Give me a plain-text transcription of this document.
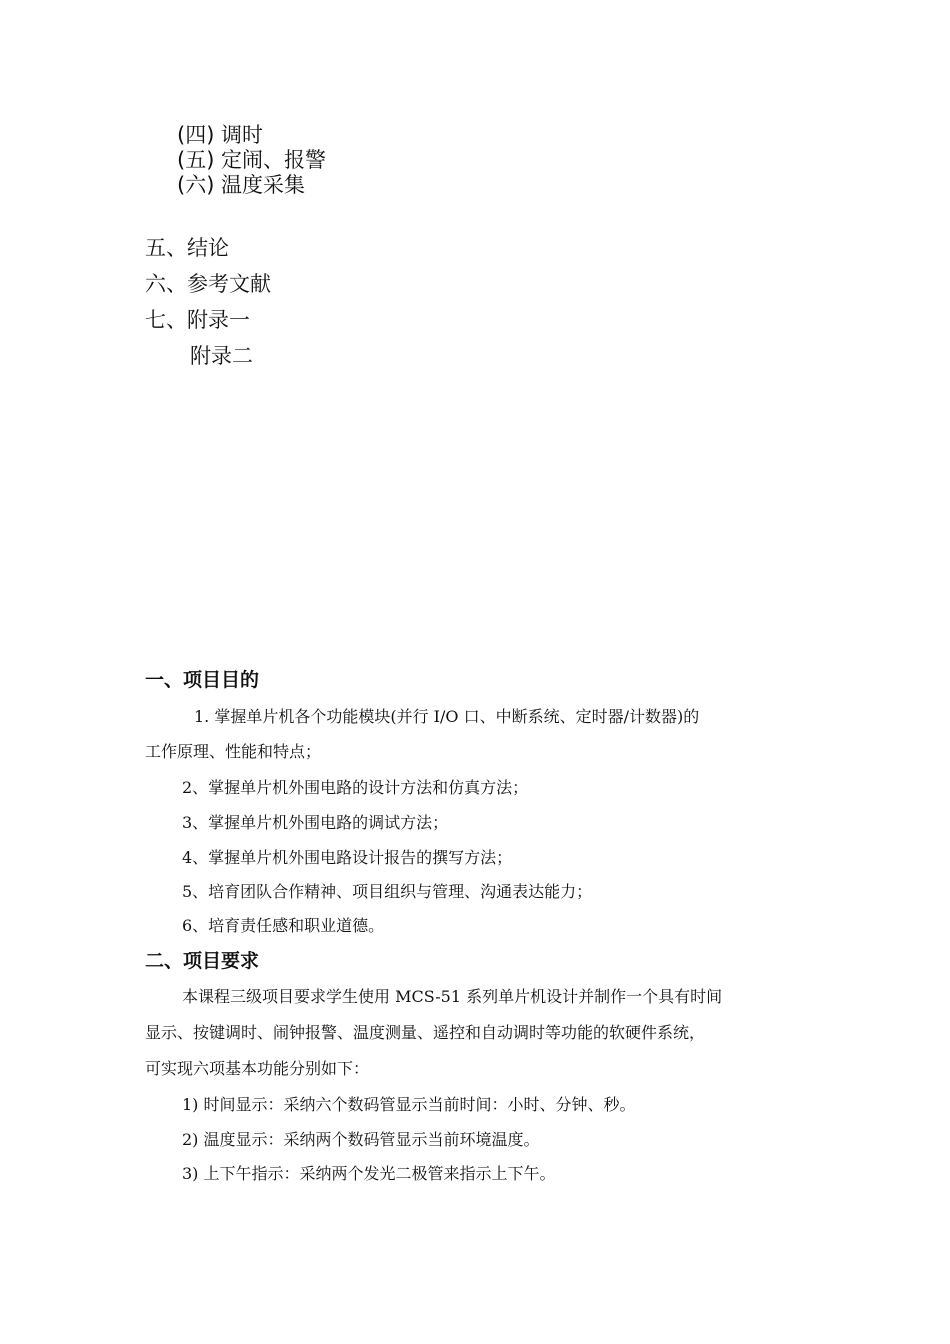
(四) 调时
(五) 定闹、报警
(六) 温度采集
五、结论
六、参考文献
七、附录一
附录二
一、项目目的
1. 掌握单片机各个功能模块(并行 I/O 口、中断系统、定时器/计数器)的
工作原理、性能和特点；
2、掌握单片机外围电路的设计方法和仿真方法；
3、掌握单片机外围电路的调试方法；
4、掌握单片机外围电路设计报告的撰写方法；
5、培育团队合作精神、项目组织与管理、沟通表达能力；
6、培育责任感和职业道德。
二、项目要求
本课程三级项目要求学生使用 MCS-51 系列单片机设计并制作一个具有时间
显示、按键调时、闹钟报警、温度测量、遥控和自动调时等功能的软硬件系统，
可实现六项基本功能分别如下：
1) 时间显示：采纳六个数码管显示当前时间：小时、分钟、秒。
2) 温度显示：采纳两个数码管显示当前环境温度。
3) 上下午指示：采纳两个发光二极管来指示上下午。
